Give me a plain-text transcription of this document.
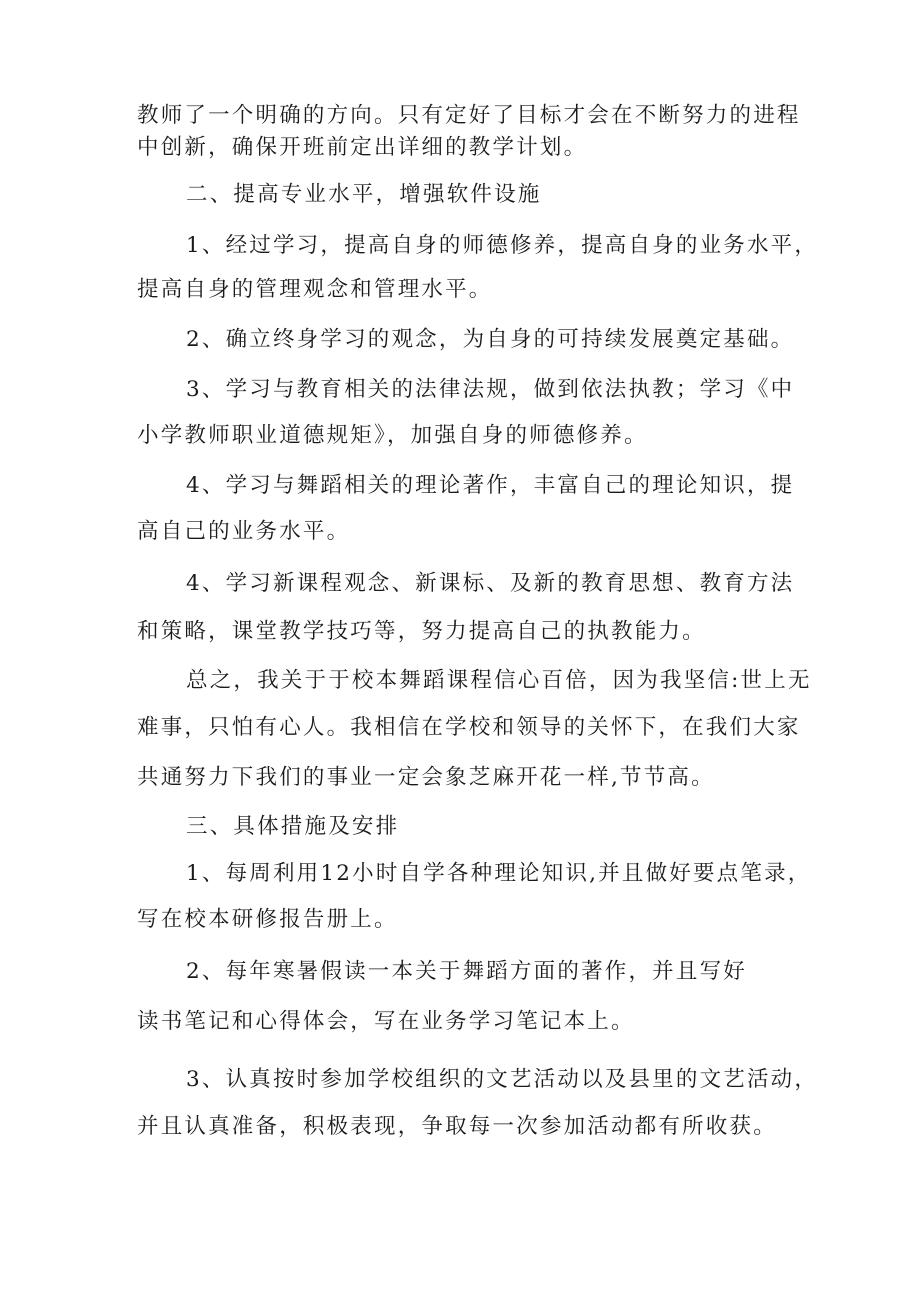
教师了一个明确的方向。只有定好了目标才会在不断努力的进程
中创新，确保开班前定出详细的教学计划。
二、提高专业水平，增强软件设施
1、经过学习，提高自身的师德修养，提高自身的业务水平，
提高自身的管理观念和管理水平。
2、确立终身学习的观念，为自身的可持续发展奠定基础。
3、学习与教育相关的法律法规，做到依法执教；学习《中
小学教师职业道德规矩》，加强自身的师德修养。
4、学习与舞蹈相关的理论著作，丰富自己的理论知识，提
高自己的业务水平。
4、学习新课程观念、新课标、及新的教育思想、教育方法
和策略，课堂教学技巧等，努力提高自己的执教能力。
总之，我关于于校本舞蹈课程信心百倍，因为我坚信:世上无
难事，只怕有心人。我相信在学校和领导的关怀下，在我们大家
共通努力下我们的事业一定会象芝麻开花一样,节节高。
三、具体措施及安排
1、每周利用12小时自学各种理论知识,并且做好要点笔录，
写在校本研修报告册上。
2、每年寒暑假读一本关于舞蹈方面的著作，并且写好
读书笔记和心得体会，写在业务学习笔记本上。
3、认真按时参加学校组织的文艺活动以及县里的文艺活动，
并且认真准备，积极表现，争取每一次参加活动都有所收获。
